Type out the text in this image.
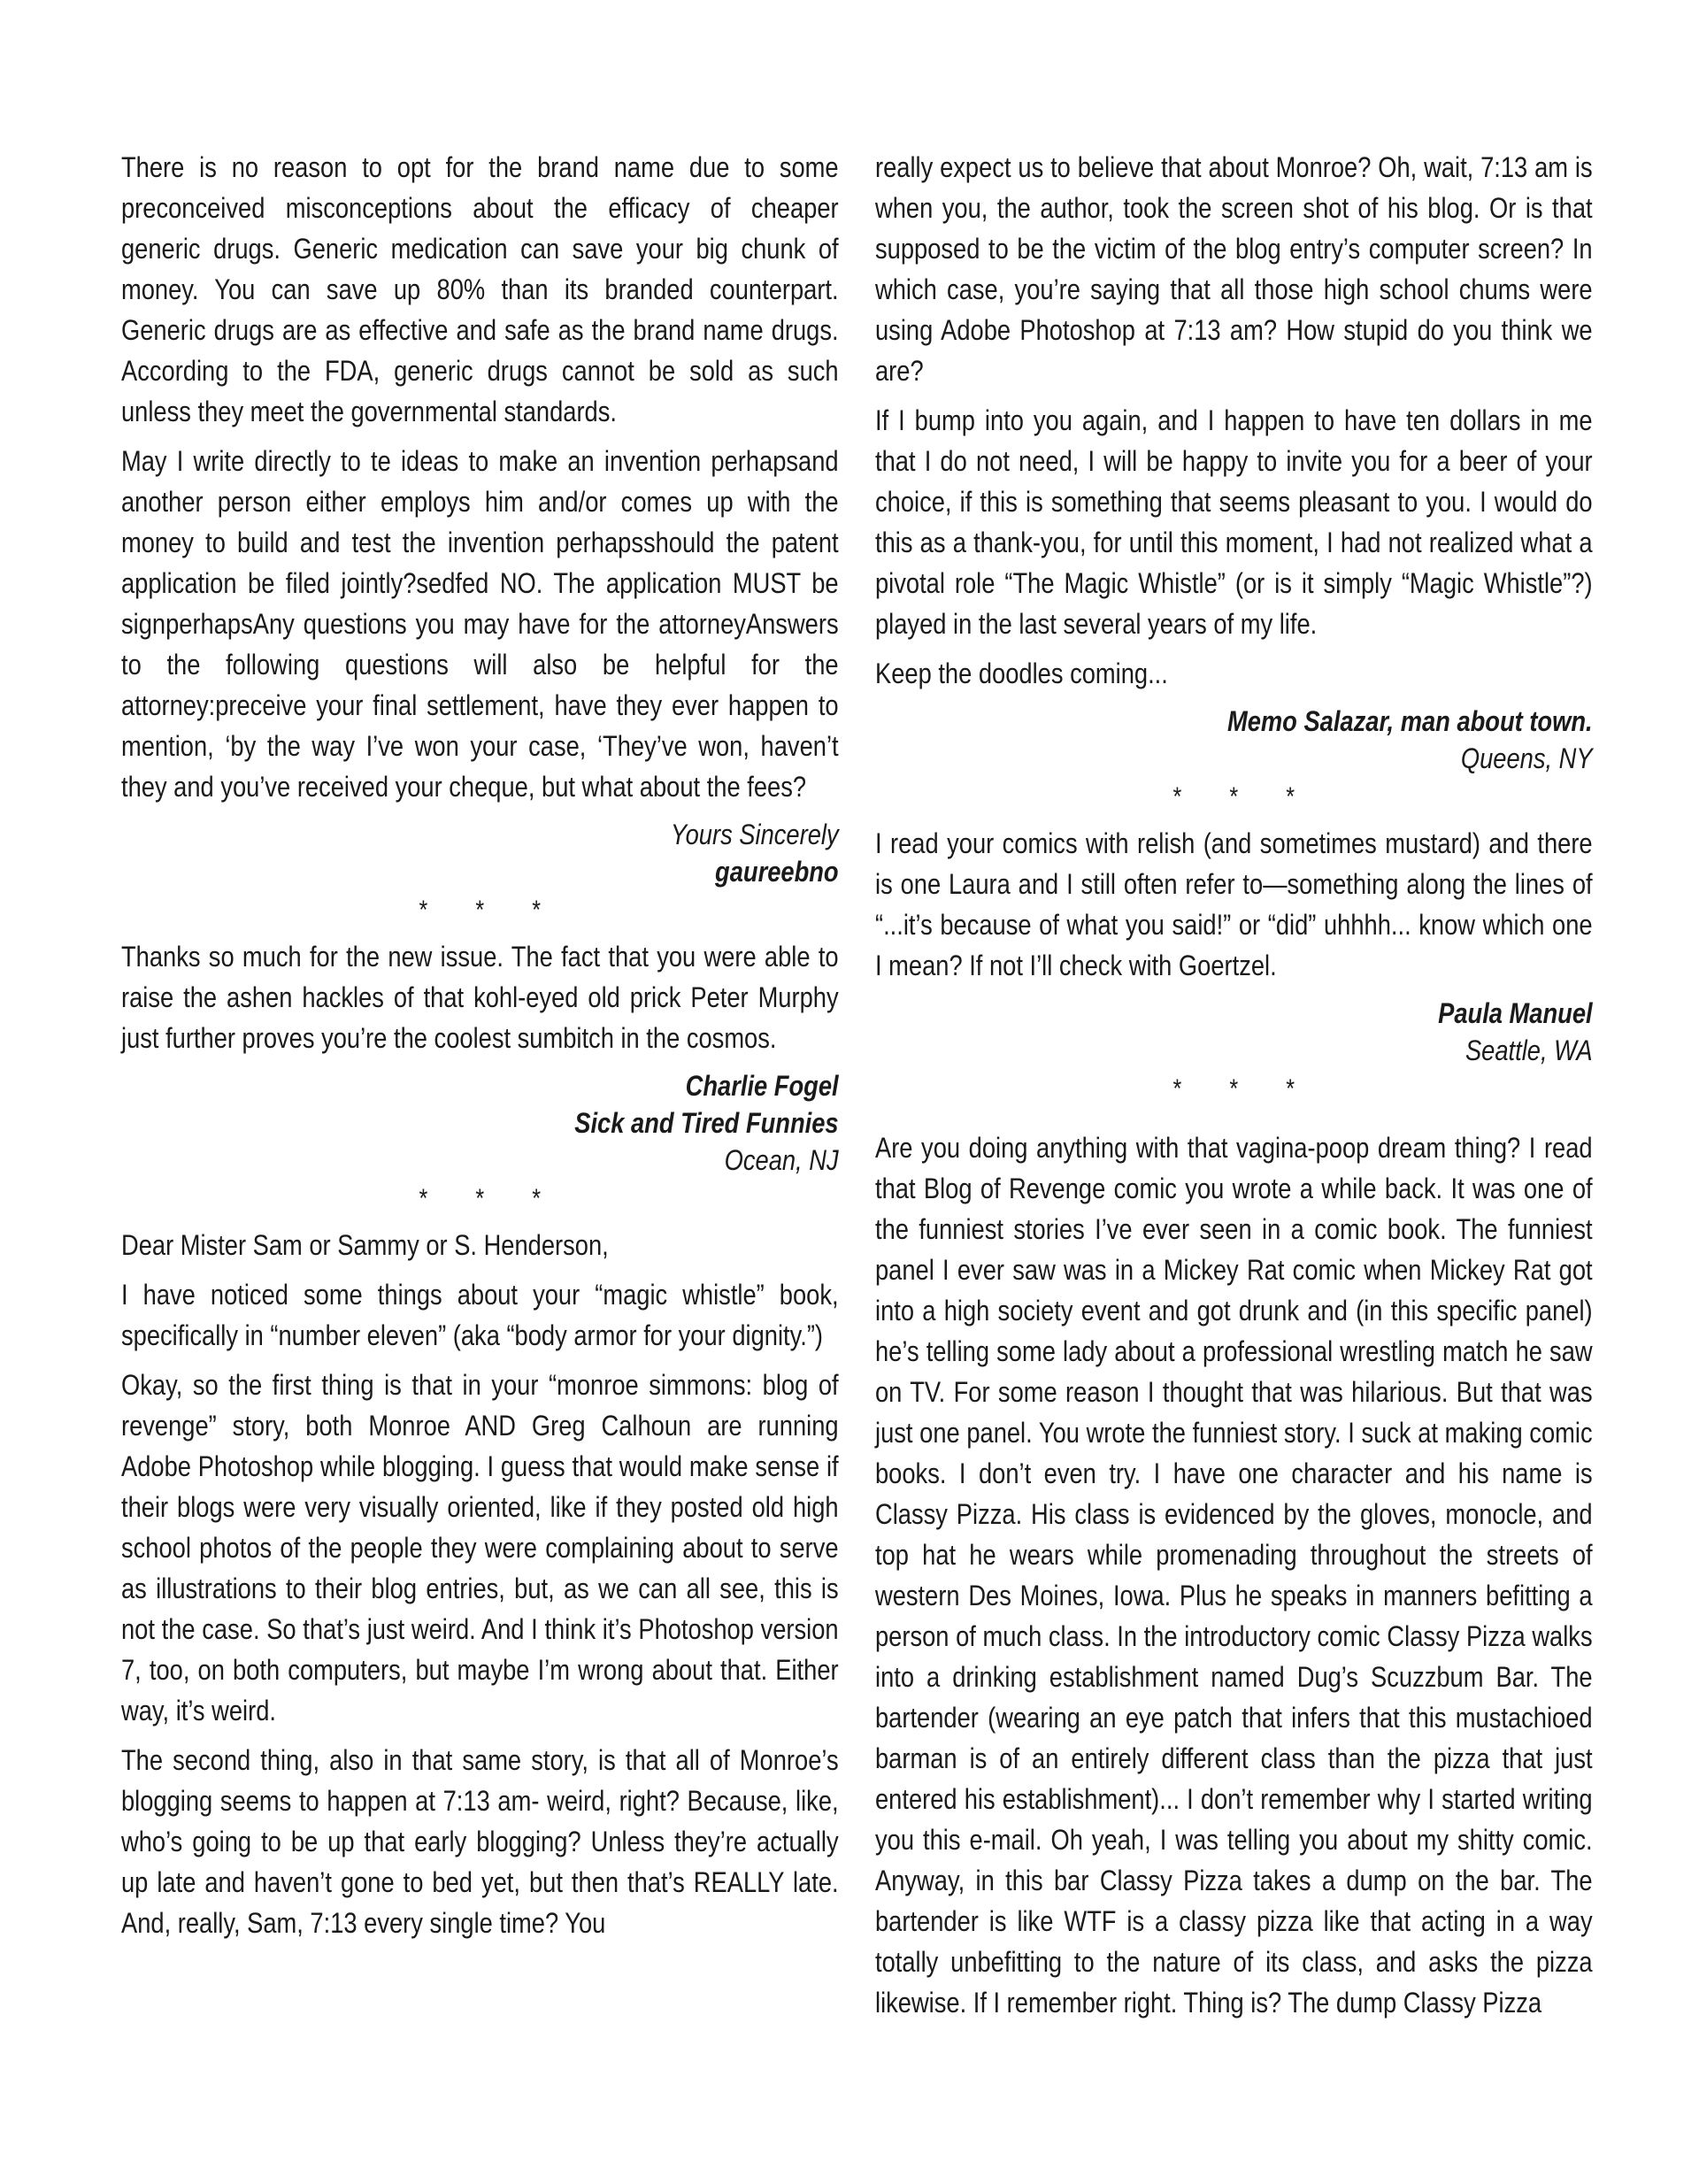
There is no reason to opt for the brand name due to some preconceived misconceptions about the efficacy of cheaper generic drugs. Generic medication can save your big chunk of money. You can save up 80% than its branded counterpart. Generic drugs are as effective and safe as the brand name drugs. According to the FDA, generic drugs cannot be sold as such unless they meet the governmental standards.

May I write directly to te ideas to make an invention perhapsand another person either employs him and/or comes up with the money to build and test the invention perhapsshould the patent application be filed jointly?sedfed NO. The application MUST be signperhapsAny questions you may have for the attorneyAnswers to the following questions will also be helpful for the attorney:preceive your final settlement, have they ever happen to mention, ‘by the way I’ve won your case, ‘They’ve won, haven’t they and you’ve received your cheque, but what about the fees?

Yours Sincerely
gaureebno
* * *

Thanks so much for the new issue. The fact that you were able to raise the ashen hackles of that kohl-eyed old prick Peter Murphy just further proves you’re the coolest sumbitch in the cosmos.

Charlie Fogel
Sick and Tired Funnies
Ocean, NJ
* * *

Dear Mister Sam or Sammy or S. Henderson,

I have noticed some things about your “magic whistle” book, specifically in “number eleven” (aka “body armor for your dignity.”)

Okay, so the first thing is that in your “monroe simmons: blog of revenge” story, both Monroe AND Greg Calhoun are running Adobe Photoshop while blogging. I guess that would make sense if their blogs were very visually oriented, like if they posted old high school photos of the people they were complaining about to serve as illustrations to their blog entries, but, as we can all see, this is not the case. So that’s just weird. And I think it’s Photoshop version 7, too, on both computers, but maybe I’m wrong about that. Either way, it’s weird.

The second thing, also in that same story, is that all of Monroe’s blogging seems to happen at 7:13 am- weird, right? Because, like, who’s going to be up that early blogging? Unless they’re actually up late and haven’t gone to bed yet, but then that’s REALLY late. And, really, Sam, 7:13 every single time? You

really expect us to believe that about Monroe? Oh, wait, 7:13 am is when you, the author, took the screen shot of his blog. Or is that supposed to be the victim of the blog entry’s computer screen? In which case, you’re saying that all those high school chums were using Adobe Photoshop at 7:13 am? How stupid do you think we are?

If I bump into you again, and I happen to have ten dollars in me that I do not need, I will be happy to invite you for a beer of your choice, if this is something that seems pleasant to you. I would do this as a thank-you, for until this moment, I had not realized what a pivotal role “The Magic Whistle” (or is it simply “Magic Whistle”?) played in the last several years of my life.

Keep the doodles coming...

Memo Salazar, man about town.
Queens, NY
* * *

I read your comics with relish (and sometimes mustard) and there is one Laura and I still often refer to—something along the lines of “...it’s because of what you said!” or “did” uhhhh... know which one I mean? If not I’ll check with Goertzel.

Paula Manuel
Seattle, WA
* * *

Are you doing anything with that vagina-poop dream thing? I read that Blog of Revenge comic you wrote a while back. It was one of the funniest stories I’ve ever seen in a comic book. The funniest panel I ever saw was in a Mickey Rat comic when Mickey Rat got into a high society event and got drunk and (in this specific panel) he’s telling some lady about a professional wrestling match he saw on TV. For some reason I thought that was hilarious. But that was just one panel. You wrote the funniest story. I suck at making comic books. I don’t even try. I have one character and his name is Classy Pizza. His class is evidenced by the gloves, monocle, and top hat he wears while promenading throughout the streets of western Des Moines, Iowa. Plus he speaks in manners befitting a person of much class. In the introductory comic Classy Pizza walks into a drinking establishment named Dug’s Scuzzbum Bar. The bartender (wearing an eye patch that infers that this mustachioed barman is of an entirely different class than the pizza that just entered his establishment)... I don’t remember why I started writing you this e-mail. Oh yeah, I was telling you about my shitty comic. Anyway, in this bar Classy Pizza takes a dump on the bar. The bartender is like WTF is a classy pizza like that acting in a way totally unbefitting to the nature of its class, and asks the pizza likewise. If I remember right. Thing is? The dump Classy Pizza
